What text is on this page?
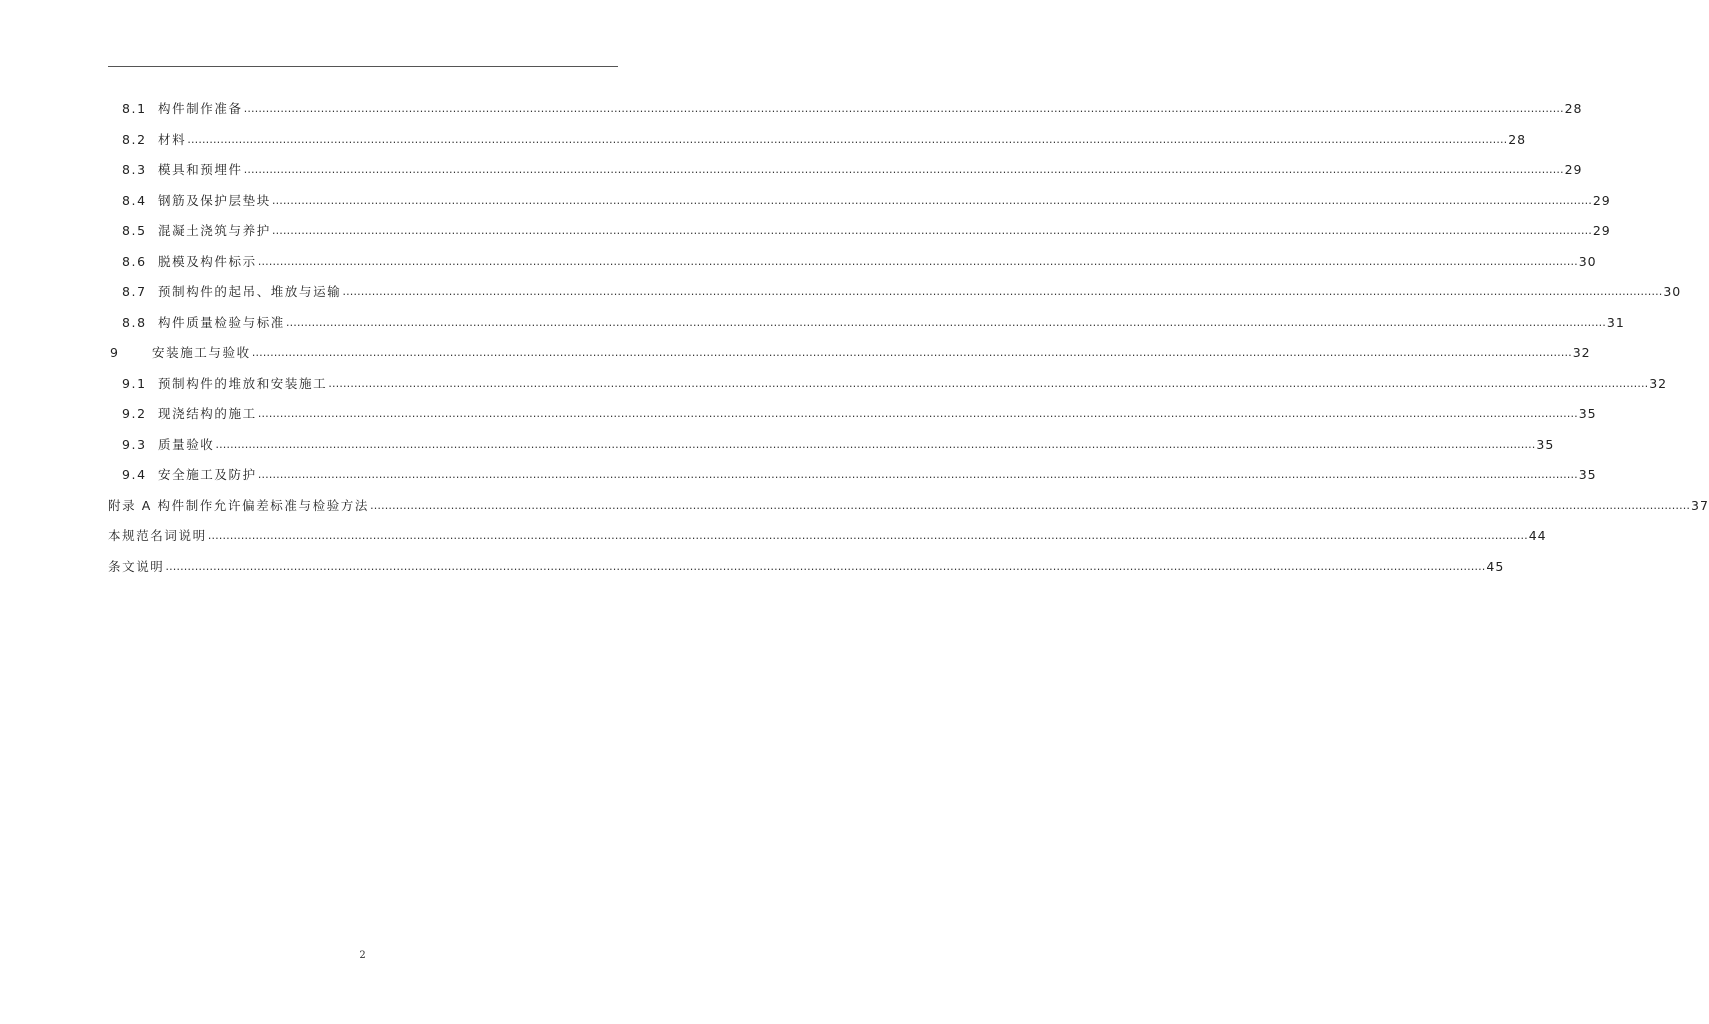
8.1 构件制作准备 ……………………………………………………………………………………………………………………………………………………………………………………………………………………………………………………………………………………………………………………………… 28
8.2 材料 ……………………………………………………………………………………………………………………………………………………………………………………………………………………………………………………………………………………………………………………………… 28
8.3 模具和预埋件 ……………………………………………………………………………………………………………………………………………………………………………………………………………………………………………………………………………………………………………………………… 29
8.4 钢筋及保护层垫块 ……………………………………………………………………………………………………………………………………………………………………………………………………………………………………………………………………………………………………………………………… 29
8.5 混凝土浇筑与养护 ……………………………………………………………………………………………………………………………………………………………………………………………………………………………………………………………………………………………………………………………… 29
8.6 脱模及构件标示 ……………………………………………………………………………………………………………………………………………………………………………………………………………………………………………………………………………………………………………………………… 30
8.7 预制构件的起吊、堆放与运输 ……………………………………………………………………………………………………………………………………………………………………………………………………………………………………………………………………………………………………………………………… 30
8.8 构件质量检验与标准 ……………………………………………………………………………………………………………………………………………………………………………………………………………………………………………………………………………………………………………………………… 31
9	安装施工与验收 ……………………………………………………………………………………………………………………………………………………………………………………………………………………………………………………………………………………………………………………………… 32
9.1 预制构件的堆放和安装施工 ……………………………………………………………………………………………………………………………………………………………………………………………………………………………………………………………………………………………………………………………… 32
9.2 现浇结构的施工 ……………………………………………………………………………………………………………………………………………………………………………………………………………………………………………………………………………………………………………………………… 35
9.3 质量验收 ……………………………………………………………………………………………………………………………………………………………………………………………………………………………………………………………………………………………………………………………… 35
9.4 安全施工及防护 ……………………………………………………………………………………………………………………………………………………………………………………………………………………………………………………………………………………………………………………………… 35
附录 A 构件制作允许偏差标准与检验方法 ……………………………………………………………………………………………………………………………………………………………………………………………………………………………………………………………………………………………………………………………… 37
本规范名词说明 ……………………………………………………………………………………………………………………………………………………………………………………………………………………………………………………………………………………………………………………………… 44
条文说明 ……………………………………………………………………………………………………………………………………………………………………………………………………………………………………………………………………………………………………………………………… 45
2
